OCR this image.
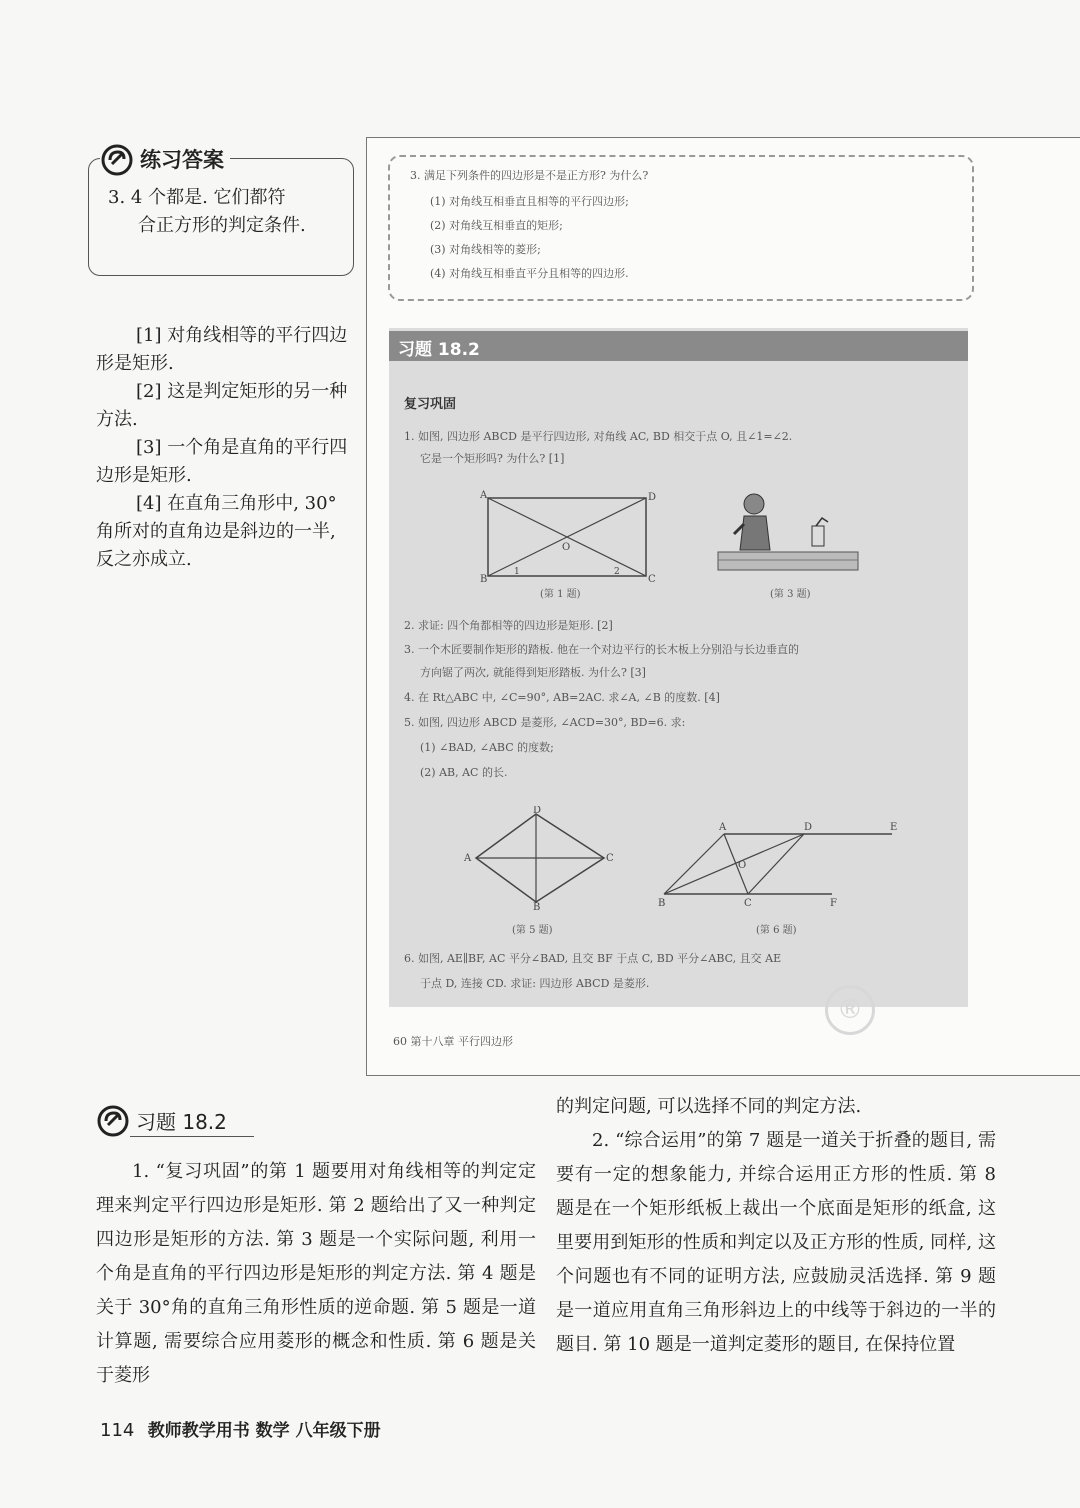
练习答案

3. 4 个都是. 它们都符

合正方形的判定条件.

[1] 对角线相等的平行四边形是矩形.

[2] 这是判定矩形的另一种方法.

[3] 一个角是直角的平行四边形是矩形.

[4] 在直角三角形中, 30°角所对的直角边是斜边的一半, 反之亦成立.

3. 满足下列条件的四边形是不是正方形? 为什么?
(1) 对角线互相垂直且相等的平行四边形;
(2) 对角线互相垂直的矩形;
(3) 对角线相等的菱形;
(4) 对角线互相垂直平分且相等的四边形.
习题 18.2
复习巩固
1. 如图, 四边形 ABCD 是平行四边形, 对角线 AC, BD 相交于点 O, 且∠1=∠2.
它是一个矩形吗? 为什么? [1]
A	D
B	C
O
1	2
(第 1 题)	(第 3 题)
2. 求证: 四个角都相等的四边形是矩形. [2]
3. 一个木匠要制作矩形的踏板. 他在一个对边平行的长木板上分别沿与长边垂直的
方向锯了两次, 就能得到矩形踏板. 为什么? [3]
4. 在 Rt△ABC 中, ∠C=90°, AB=2AC. 求∠A, ∠B 的度数. [4]
5. 如图, 四边形 ABCD 是菱形, ∠ACD=30°, BD=6. 求:
(1) ∠BAD, ∠ABC 的度数;
(2) AB, AC 的长.
D
A	C
B
(第 5 题)
A	D	E
B	C	F
O
(第 6 题)
6. 如图, AE∥BF, AC 平分∠BAD, 且交 BF 于点 C, BD 平分∠ABC, 且交 AE
于点 D, 连接 CD. 求证: 四边形 ABCD 是菱形.
60 第十八章 平行四边形
®
习题 18.2

1. “复习巩固”的第 1 题要用对角线相等的判定定理来判定平行四边形是矩形. 第 2 题给出了又一种判定四边形是矩形的方法. 第 3 题是一个实际问题, 利用一个角是直角的平行四边形是矩形的判定方法. 第 4 题是关于 30°角的直角三角形性质的逆命题. 第 5 题是一道计算题, 需要综合应用菱形的概念和性质. 第 6 题是关于菱形

的判定问题, 可以选择不同的判定方法.

2. “综合运用”的第 7 题是一道关于折叠的题目, 需要有一定的想象能力, 并综合运用正方形的性质. 第 8 题是在一个矩形纸板上裁出一个底面是矩形的纸盒, 这里要用到矩形的性质和判定以及正方形的性质, 同样, 这个问题也有不同的证明方法, 应鼓励灵活选择. 第 9 题是一道应用直角三角形斜边上的中线等于斜边的一半的题目. 第 10 题是一道判定菱形的题目, 在保持位置

114 教师教学用书 数学 八年级下册
